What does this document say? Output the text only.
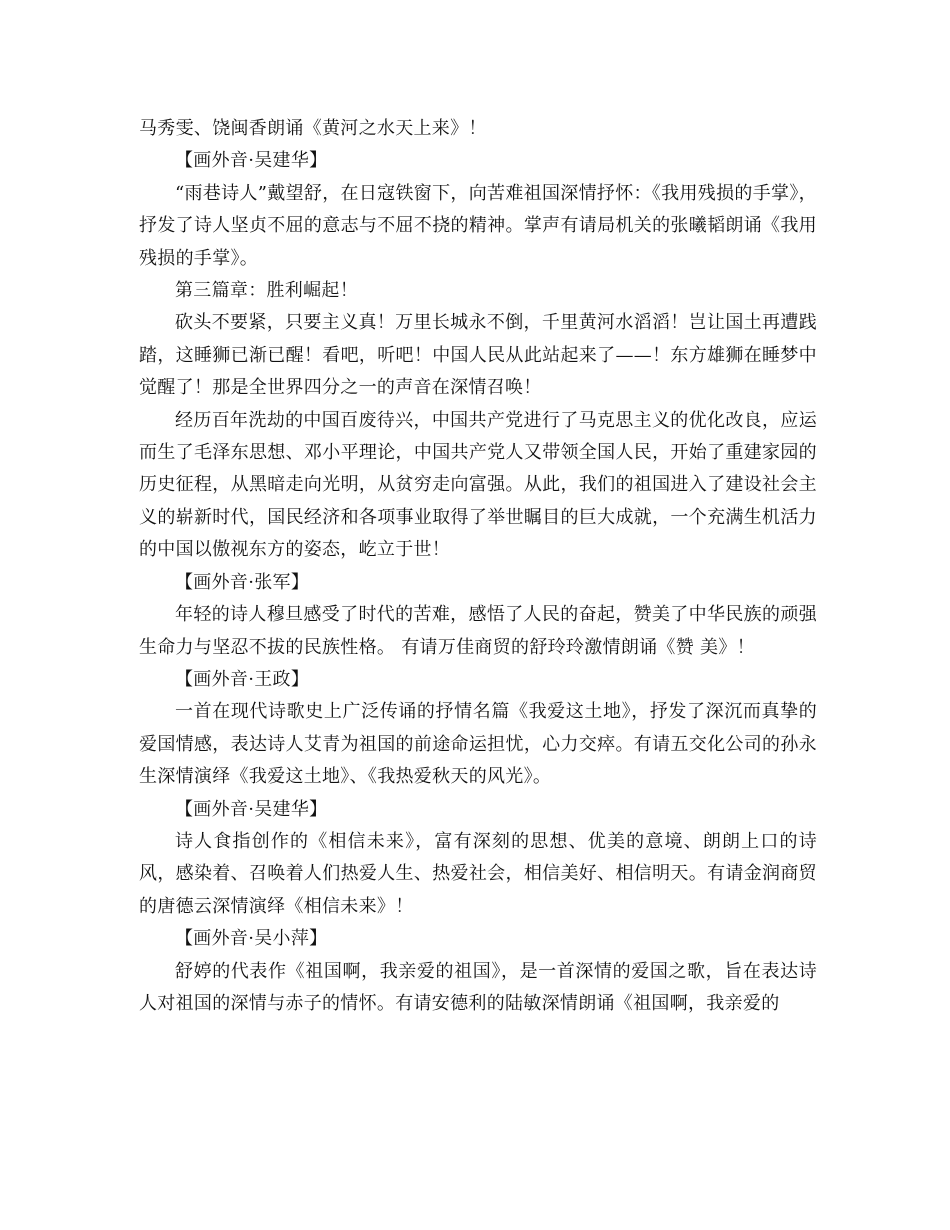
马秀雯、饶闽香朗诵《黄河之水天上来》！

【画外音·吴建华】

“雨巷诗人”戴望舒，在日寇铁窗下，向苦难祖国深情抒怀：《我用残损的手掌》，抒发了诗人坚贞不屈的意志与不屈不挠的精神。掌声有请局机关的张曦韬朗诵《我用残损的手掌》。

第三篇章：胜利崛起！

砍头不要紧，只要主义真！万里长城永不倒，千里黄河水滔滔！岂让国土再遭践踏，这睡狮已渐已醒！看吧，听吧！中国人民从此站起来了——！东方雄狮在睡梦中觉醒了！那是全世界四分之一的声音在深情召唤！

经历百年洗劫的中国百废待兴，中国共产党进行了马克思主义的优化改良，应运而生了毛泽东思想、邓小平理论，中国共产党人又带领全国人民，开始了重建家园的历史征程，从黑暗走向光明，从贫穷走向富强。从此，我们的祖国进入了建设社会主义的崭新时代，国民经济和各项事业取得了举世瞩目的巨大成就，一个充满生机活力的中国以傲视东方的姿态，屹立于世！

【画外音·张军】

年轻的诗人穆旦感受了时代的苦难，感悟了人民的奋起，赞美了中华民族的顽强生命力与坚忍不拔的民族性格。 有请万佳商贸的舒玲玲激情朗诵《赞 美》！

【画外音·王政】

一首在现代诗歌史上广泛传诵的抒情名篇《我爱这土地》，抒发了深沉而真挚的爱国情感，表达诗人艾青为祖国的前途命运担忧，心力交瘁。有请五交化公司的孙永生深情演绎《我爱这土地》、《我热爱秋天的风光》。

【画外音·吴建华】

诗人食指创作的《相信未来》，富有深刻的思想、优美的意境、朗朗上口的诗风，感染着、召唤着人们热爱人生、热爱社会，相信美好、相信明天。有请金润商贸的唐德云深情演绎《相信未来》！

【画外音·吴小萍】

舒婷的代表作《祖国啊，我亲爱的祖国》，是一首深情的爱国之歌，旨在表达诗人对祖国的深情与赤子的情怀。有请安德利的陆敏深情朗诵《祖国啊，我亲爱的
